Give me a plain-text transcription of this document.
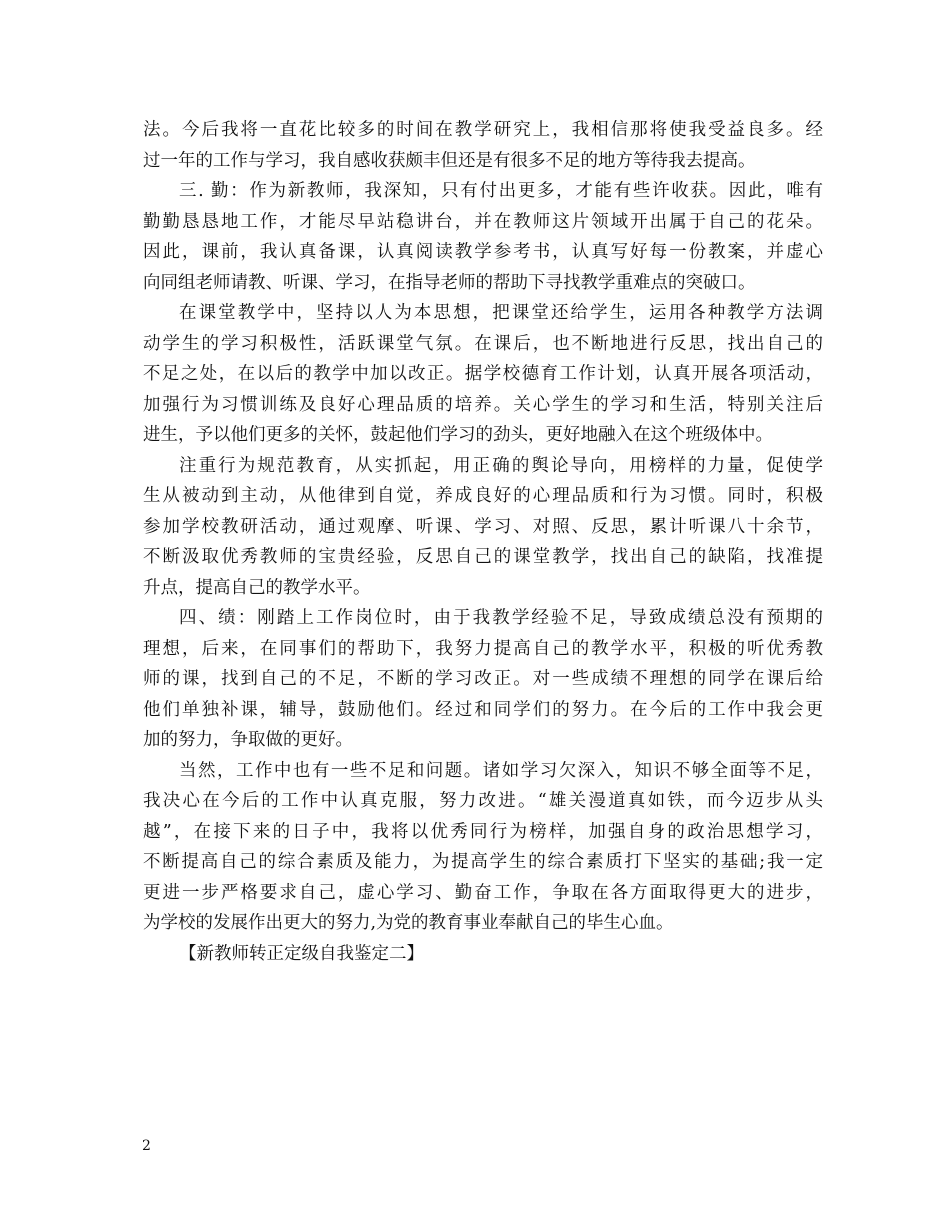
法。今后我将一直花比较多的时间在教学研究上，我相信那将使我受益良多。经
过一年的工作与学习，我自感收获颇丰但还是有很多不足的地方等待我去提高。
三. 勤：作为新教师，我深知，只有付出更多，才能有些许收获。因此，唯有
勤勤恳恳地工作，才能尽早站稳讲台，并在教师这片领域开出属于自己的花朵。
因此，课前，我认真备课，认真阅读教学参考书，认真写好每一份教案，并虚心
向同组老师请教、听课、学习，在指导老师的帮助下寻找教学重难点的突破口。
在课堂教学中，坚持以人为本思想，把课堂还给学生，运用各种教学方法调
动学生的学习积极性，活跃课堂气氛。在课后，也不断地进行反思，找出自己的
不足之处，在以后的教学中加以改正。据学校德育工作计划，认真开展各项活动，
加强行为习惯训练及良好心理品质的培养。关心学生的学习和生活，特别关注后
进生，予以他们更多的关怀，鼓起他们学习的劲头，更好地融入在这个班级体中。
注重行为规范教育，从实抓起，用正确的舆论导向，用榜样的力量，促使学
生从被动到主动，从他律到自觉，养成良好的心理品质和行为习惯。同时，积极
参加学校教研活动，通过观摩、听课、学习、对照、反思，累计听课八十余节，
不断汲取优秀教师的宝贵经验，反思自己的课堂教学，找出自己的缺陷，找准提
升点，提高自己的教学水平。
四、绩：刚踏上工作岗位时，由于我教学经验不足，导致成绩总没有预期的
理想，后来，在同事们的帮助下，我努力提高自己的教学水平，积极的听优秀教
师的课，找到自己的不足，不断的学习改正。对一些成绩不理想的同学在课后给
他们单独补课，辅导，鼓励他们。经过和同学们的努力。在今后的工作中我会更
加的努力，争取做的更好。
当然，工作中也有一些不足和问题。诸如学习欠深入，知识不够全面等不足，
我决心在今后的工作中认真克服，努力改进。“雄关漫道真如铁，而今迈步从头
越”，在接下来的日子中，我将以优秀同行为榜样，加强自身的政治思想学习，
不断提高自己的综合素质及能力，为提高学生的综合素质打下坚实的基础;我一定
更进一步严格要求自己，虚心学习、勤奋工作，争取在各方面取得更大的进步，
为学校的发展作出更大的努力,为党的教育事业奉献自己的毕生心血。
【新教师转正定级自我鉴定二】
2
